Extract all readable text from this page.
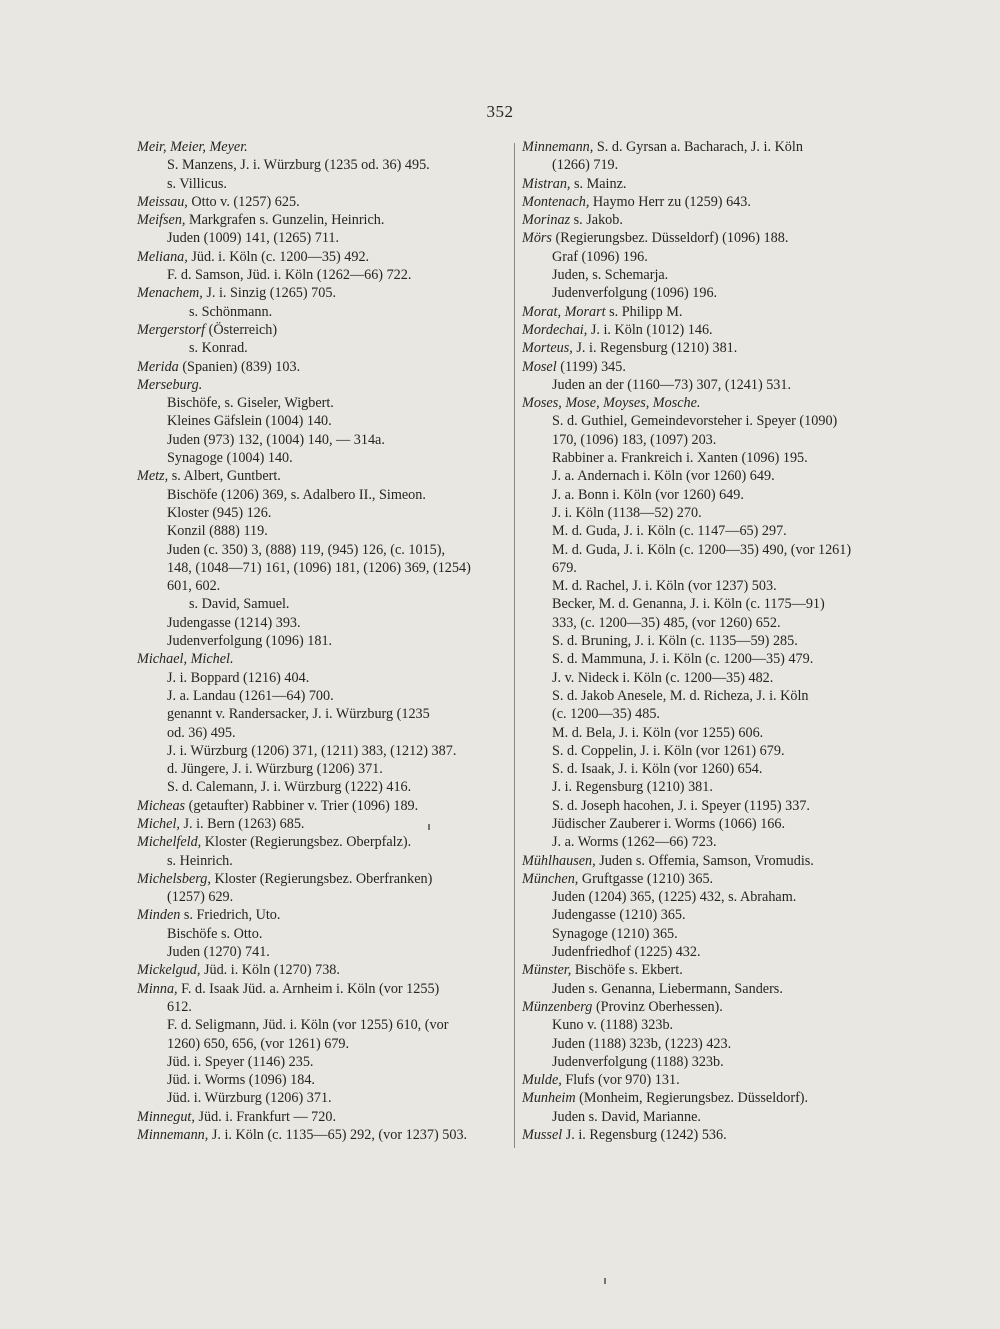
352
Meir, Meier, Meyer.
S. Manzens, J. i. Würzburg (1235 od. 36) 495.
s. Villicus.
Meissau, Otto v. (1257) 625.
Meifsen, Markgrafen s. Gunzelin, Heinrich.
Juden (1009) 141, (1265) 711.
Meliana, Jüd. i. Köln (c. 1200—35) 492.
F. d. Samson, Jüd. i. Köln (1262—66) 722.
Menachem, J. i. Sinzig (1265) 705.
s. Schönmann.
Mergerstorf (Österreich)
s. Konrad.
Merida (Spanien) (839) 103.
Merseburg.
Bischöfe, s. Giseler, Wigbert.
Kleines Gäfslein (1004) 140.
Juden (973) 132, (1004) 140, — 314a.
Synagoge (1004) 140.
Metz, s. Albert, Guntbert.
Bischöfe (1206) 369, s. Adalbero II., Simeon.
Kloster (945) 126.
Konzil (888) 119.
Juden (c. 350) 3, (888) 119, (945) 126, (c. 1015),
148, (1048—71) 161, (1096) 181, (1206) 369, (1254)
601, 602.
s. David, Samuel.
Judengasse (1214) 393.
Judenverfolgung (1096) 181.
Michael, Michel.
J. i. Boppard (1216) 404.
J. a. Landau (1261—64) 700.
genannt v. Randersacker, J. i. Würzburg (1235
od. 36) 495.
J. i. Würzburg (1206) 371, (1211) 383, (1212) 387.
d. Jüngere, J. i. Würzburg (1206) 371.
S. d. Calemann, J. i. Würzburg (1222) 416.
Micheas (getaufter) Rabbiner v. Trier (1096) 189.
Michel, J. i. Bern (1263) 685.
Michelfeld, Kloster (Regierungsbez. Oberpfalz).
s. Heinrich.
Michelsberg, Kloster (Regierungsbez. Oberfranken)
(1257) 629.
Minden s. Friedrich, Uto.
Bischöfe s. Otto.
Juden (1270) 741.
Mickelgud, Jüd. i. Köln (1270) 738.
Minna, F. d. Isaak Jüd. a. Arnheim i. Köln (vor 1255)
612.
F. d. Seligmann, Jüd. i. Köln (vor 1255) 610, (vor
1260) 650, 656, (vor 1261) 679.
Jüd. i. Speyer (1146) 235.
Jüd. i. Worms (1096) 184.
Jüd. i. Würzburg (1206) 371.
Minnegut, Jüd. i. Frankfurt — 720.
Minnemann, J. i. Köln (c. 1135—65) 292, (vor 1237) 503.
Minnemann, S. d. Gyrsan a. Bacharach, J. i. Köln
(1266) 719.
Mistran, s. Mainz.
Montenach, Haymo Herr zu (1259) 643.
Morinaz s. Jakob.
Mörs (Regierungsbez. Düsseldorf) (1096) 188.
Graf (1096) 196.
Juden, s. Schemarja.
Judenverfolgung (1096) 196.
Morat, Morart s. Philipp M.
Mordechai, J. i. Köln (1012) 146.
Morteus, J. i. Regensburg (1210) 381.
Mosel (1199) 345.
Juden an der (1160—73) 307, (1241) 531.
Moses, Mose, Moyses, Mosche.
S. d. Guthiel, Gemeindevorsteher i. Speyer (1090)
170, (1096) 183, (1097) 203.
Rabbiner a. Frankreich i. Xanten (1096) 195.
J. a. Andernach i. Köln (vor 1260) 649.
J. a. Bonn i. Köln (vor 1260) 649.
J. i. Köln (1138—52) 270.
M. d. Guda, J. i. Köln (c. 1147—65) 297.
M. d. Guda, J. i. Köln (c. 1200—35) 490, (vor 1261)
679.
M. d. Rachel, J. i. Köln (vor 1237) 503.
Becker, M. d. Genanna, J. i. Köln (c. 1175—91)
333, (c. 1200—35) 485, (vor 1260) 652.
S. d. Bruning, J. i. Köln (c. 1135—59) 285.
S. d. Mammuna, J. i. Köln (c. 1200—35) 479.
J. v. Nideck i. Köln (c. 1200—35) 482.
S. d. Jakob Anesele, M. d. Richeza, J. i. Köln
(c. 1200—35) 485.
M. d. Bela, J. i. Köln (vor 1255) 606.
S. d. Coppelin, J. i. Köln (vor 1261) 679.
S. d. Isaak, J. i. Köln (vor 1260) 654.
J. i. Regensburg (1210) 381.
S. d. Joseph hacohen, J. i. Speyer (1195) 337.
Jüdischer Zauberer i. Worms (1066) 166.
J. a. Worms (1262—66) 723.
Mühlhausen, Juden s. Offemia, Samson, Vromudis.
München, Gruftgasse (1210) 365.
Juden (1204) 365, (1225) 432, s. Abraham.
Judengasse (1210) 365.
Synagoge (1210) 365.
Judenfriedhof (1225) 432.
Münster, Bischöfe s. Ekbert.
Juden s. Genanna, Liebermann, Sanders.
Münzenberg (Provinz Oberhessen).
Kuno v. (1188) 323b.
Juden (1188) 323b, (1223) 423.
Judenverfolgung (1188) 323b.
Mulde, Flufs (vor 970) 131.
Munheim (Monheim, Regierungsbez. Düsseldorf).
Juden s. David, Marianne.
Mussel J. i. Regensburg (1242) 536.
